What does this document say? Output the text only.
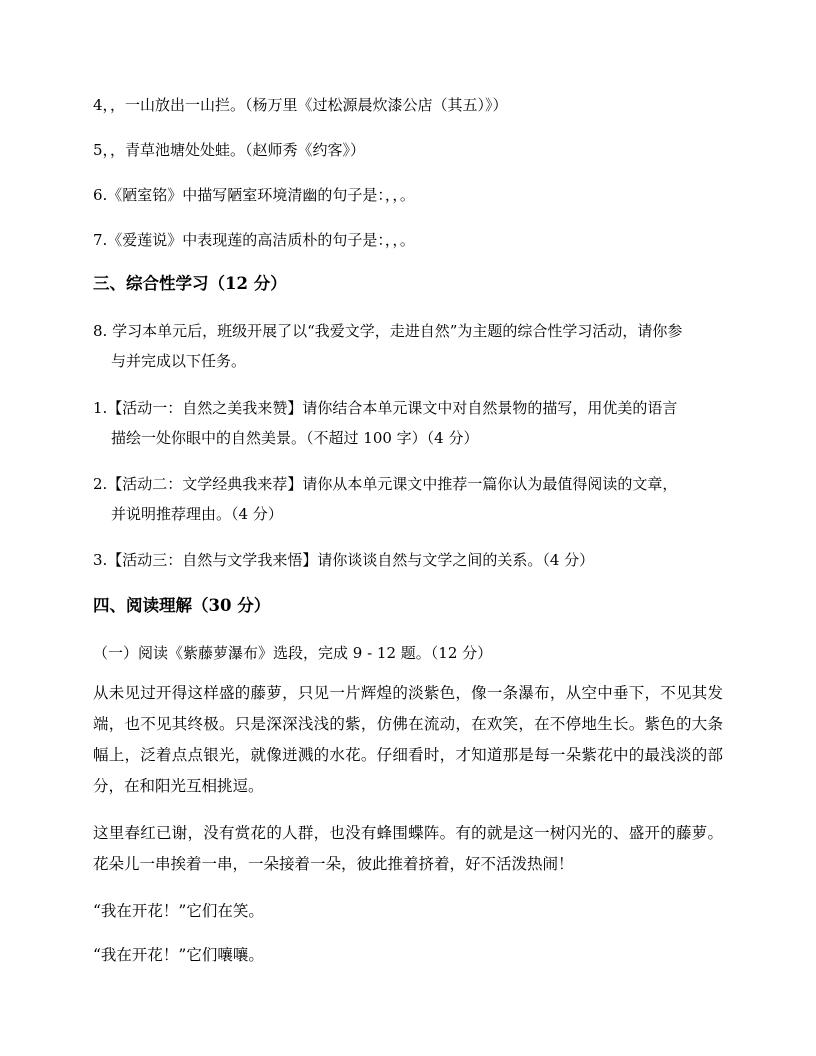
4，，一山放出一山拦。（杨万里《过松源晨炊漆公店（其五）》）

5，，青草池塘处处蛙。（赵师秀《约客》）

6.《陋室铭》中描写陋室环境清幽的句子是：，，。

7.《爱莲说》中表现莲的高洁质朴的句子是：，，。

三、综合性学习（12 分）

8. 学习本单元后，班级开展了以“我爱文学，走进自然”为主题的综合性学习活动，请你参

与并完成以下任务。

1.【活动一：自然之美我来赞】请你结合本单元课文中对自然景物的描写，用优美的语言

描绘一处你眼中的自然美景。（不超过 100 字）（4 分）

2.【活动二：文学经典我来荐】请你从本单元课文中推荐一篇你认为最值得阅读的文章，

并说明推荐理由。（4 分）

3.【活动三：自然与文学我来悟】请你谈谈自然与文学之间的关系。（4 分）

四、阅读理解（30 分）

（一）阅读《紫藤萝瀑布》选段，完成 9 - 12 题。（12 分）

从未见过开得这样盛的藤萝，只见一片辉煌的淡紫色，像一条瀑布，从空中垂下，不见其发端，也不见其终极。只是深深浅浅的紫，仿佛在流动，在欢笑，在不停地生长。紫色的大条幅上，泛着点点银光，就像迸溅的水花。仔细看时，才知道那是每一朵紫花中的最浅淡的部分，在和阳光互相挑逗。

这里春红已谢，没有赏花的人群，也没有蜂围蝶阵。有的就是这一树闪光的、盛开的藤萝。花朵儿一串挨着一串，一朵接着一朵，彼此推着挤着，好不活泼热闹！

“我在开花！”它们在笑。

“我在开花！”它们嚷嚷。
